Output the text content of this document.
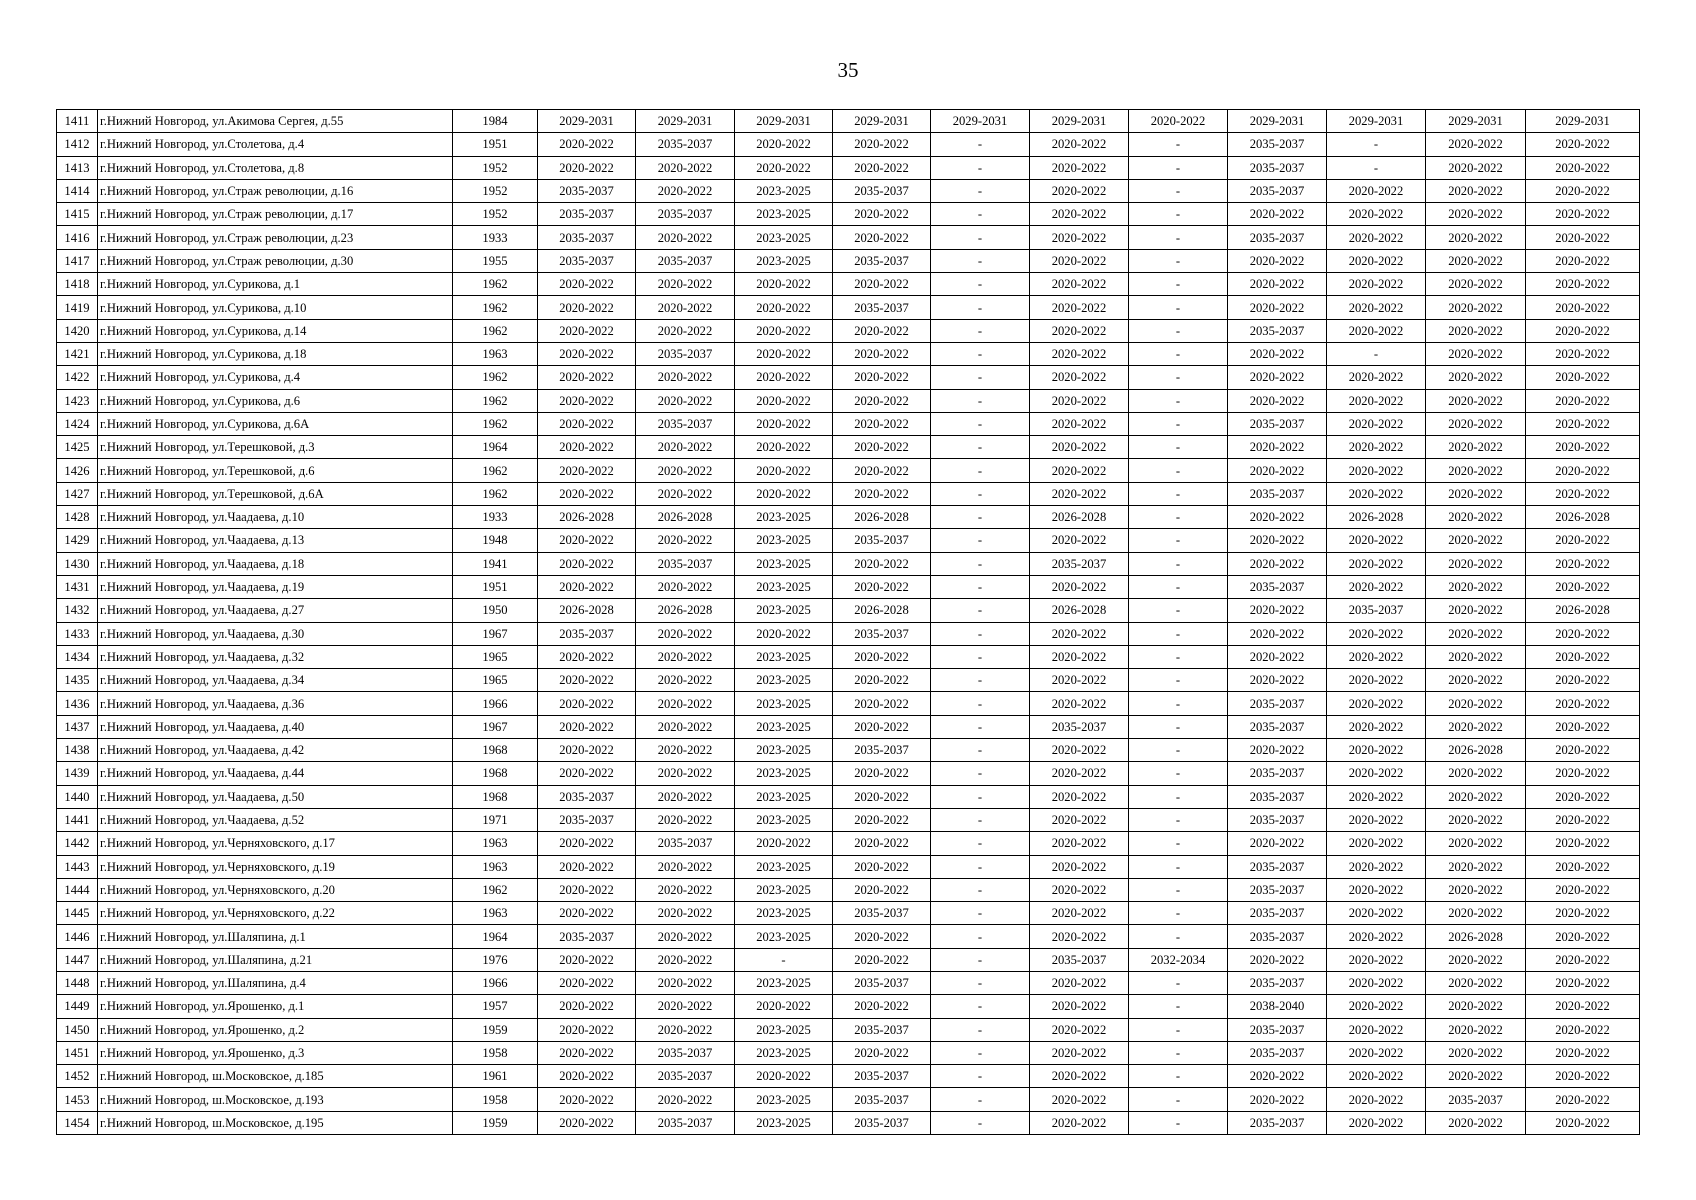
35
1411	г.Нижний Новгород, ул.Акимова Сергея, д.55	1984	2029-2031	2029-2031	2029-2031	2029-2031	2029-2031	2029-2031	2020-2022	2029-2031	2029-2031	2029-2031	2029-2031
1412	г.Нижний Новгород, ул.Столетова, д.4	1951	2020-2022	2035-2037	2020-2022	2020-2022	-	2020-2022	-	2035-2037	-	2020-2022	2020-2022
1413	г.Нижний Новгород, ул.Столетова, д.8	1952	2020-2022	2020-2022	2020-2022	2020-2022	-	2020-2022	-	2035-2037	-	2020-2022	2020-2022
1414	г.Нижний Новгород, ул.Страж революции, д.16	1952	2035-2037	2020-2022	2023-2025	2035-2037	-	2020-2022	-	2035-2037	2020-2022	2020-2022	2020-2022
1415	г.Нижний Новгород, ул.Страж революции, д.17	1952	2035-2037	2035-2037	2023-2025	2020-2022	-	2020-2022	-	2020-2022	2020-2022	2020-2022	2020-2022
1416	г.Нижний Новгород, ул.Страж революции, д.23	1933	2035-2037	2020-2022	2023-2025	2020-2022	-	2020-2022	-	2035-2037	2020-2022	2020-2022	2020-2022
1417	г.Нижний Новгород, ул.Страж революции, д.30	1955	2035-2037	2035-2037	2023-2025	2035-2037	-	2020-2022	-	2020-2022	2020-2022	2020-2022	2020-2022
1418	г.Нижний Новгород, ул.Сурикова, д.1	1962	2020-2022	2020-2022	2020-2022	2020-2022	-	2020-2022	-	2020-2022	2020-2022	2020-2022	2020-2022
1419	г.Нижний Новгород, ул.Сурикова, д.10	1962	2020-2022	2020-2022	2020-2022	2035-2037	-	2020-2022	-	2020-2022	2020-2022	2020-2022	2020-2022
1420	г.Нижний Новгород, ул.Сурикова, д.14	1962	2020-2022	2020-2022	2020-2022	2020-2022	-	2020-2022	-	2035-2037	2020-2022	2020-2022	2020-2022
1421	г.Нижний Новгород, ул.Сурикова, д.18	1963	2020-2022	2035-2037	2020-2022	2020-2022	-	2020-2022	-	2020-2022	-	2020-2022	2020-2022
1422	г.Нижний Новгород, ул.Сурикова, д.4	1962	2020-2022	2020-2022	2020-2022	2020-2022	-	2020-2022	-	2020-2022	2020-2022	2020-2022	2020-2022
1423	г.Нижний Новгород, ул.Сурикова, д.6	1962	2020-2022	2020-2022	2020-2022	2020-2022	-	2020-2022	-	2020-2022	2020-2022	2020-2022	2020-2022
1424	г.Нижний Новгород, ул.Сурикова, д.6А	1962	2020-2022	2035-2037	2020-2022	2020-2022	-	2020-2022	-	2035-2037	2020-2022	2020-2022	2020-2022
1425	г.Нижний Новгород, ул.Терешковой, д.3	1964	2020-2022	2020-2022	2020-2022	2020-2022	-	2020-2022	-	2020-2022	2020-2022	2020-2022	2020-2022
1426	г.Нижний Новгород, ул.Терешковой, д.6	1962	2020-2022	2020-2022	2020-2022	2020-2022	-	2020-2022	-	2020-2022	2020-2022	2020-2022	2020-2022
1427	г.Нижний Новгород, ул.Терешковой, д.6А	1962	2020-2022	2020-2022	2020-2022	2020-2022	-	2020-2022	-	2035-2037	2020-2022	2020-2022	2020-2022
1428	г.Нижний Новгород, ул.Чаадаева, д.10	1933	2026-2028	2026-2028	2023-2025	2026-2028	-	2026-2028	-	2020-2022	2026-2028	2020-2022	2026-2028
1429	г.Нижний Новгород, ул.Чаадаева, д.13	1948	2020-2022	2020-2022	2023-2025	2035-2037	-	2020-2022	-	2020-2022	2020-2022	2020-2022	2020-2022
1430	г.Нижний Новгород, ул.Чаадаева, д.18	1941	2020-2022	2035-2037	2023-2025	2020-2022	-	2035-2037	-	2020-2022	2020-2022	2020-2022	2020-2022
1431	г.Нижний Новгород, ул.Чаадаева, д.19	1951	2020-2022	2020-2022	2023-2025	2020-2022	-	2020-2022	-	2035-2037	2020-2022	2020-2022	2020-2022
1432	г.Нижний Новгород, ул.Чаадаева, д.27	1950	2026-2028	2026-2028	2023-2025	2026-2028	-	2026-2028	-	2020-2022	2035-2037	2020-2022	2026-2028
1433	г.Нижний Новгород, ул.Чаадаева, д.30	1967	2035-2037	2020-2022	2020-2022	2035-2037	-	2020-2022	-	2020-2022	2020-2022	2020-2022	2020-2022
1434	г.Нижний Новгород, ул.Чаадаева, д.32	1965	2020-2022	2020-2022	2023-2025	2020-2022	-	2020-2022	-	2020-2022	2020-2022	2020-2022	2020-2022
1435	г.Нижний Новгород, ул.Чаадаева, д.34	1965	2020-2022	2020-2022	2023-2025	2020-2022	-	2020-2022	-	2020-2022	2020-2022	2020-2022	2020-2022
1436	г.Нижний Новгород, ул.Чаадаева, д.36	1966	2020-2022	2020-2022	2023-2025	2020-2022	-	2020-2022	-	2035-2037	2020-2022	2020-2022	2020-2022
1437	г.Нижний Новгород, ул.Чаадаева, д.40	1967	2020-2022	2020-2022	2023-2025	2020-2022	-	2035-2037	-	2035-2037	2020-2022	2020-2022	2020-2022
1438	г.Нижний Новгород, ул.Чаадаева, д.42	1968	2020-2022	2020-2022	2023-2025	2035-2037	-	2020-2022	-	2020-2022	2020-2022	2026-2028	2020-2022
1439	г.Нижний Новгород, ул.Чаадаева, д.44	1968	2020-2022	2020-2022	2023-2025	2020-2022	-	2020-2022	-	2035-2037	2020-2022	2020-2022	2020-2022
1440	г.Нижний Новгород, ул.Чаадаева, д.50	1968	2035-2037	2020-2022	2023-2025	2020-2022	-	2020-2022	-	2035-2037	2020-2022	2020-2022	2020-2022
1441	г.Нижний Новгород, ул.Чаадаева, д.52	1971	2035-2037	2020-2022	2023-2025	2020-2022	-	2020-2022	-	2035-2037	2020-2022	2020-2022	2020-2022
1442	г.Нижний Новгород, ул.Черняховского, д.17	1963	2020-2022	2035-2037	2020-2022	2020-2022	-	2020-2022	-	2020-2022	2020-2022	2020-2022	2020-2022
1443	г.Нижний Новгород, ул.Черняховского, д.19	1963	2020-2022	2020-2022	2023-2025	2020-2022	-	2020-2022	-	2035-2037	2020-2022	2020-2022	2020-2022
1444	г.Нижний Новгород, ул.Черняховского, д.20	1962	2020-2022	2020-2022	2023-2025	2020-2022	-	2020-2022	-	2035-2037	2020-2022	2020-2022	2020-2022
1445	г.Нижний Новгород, ул.Черняховского, д.22	1963	2020-2022	2020-2022	2023-2025	2035-2037	-	2020-2022	-	2035-2037	2020-2022	2020-2022	2020-2022
1446	г.Нижний Новгород, ул.Шаляпина, д.1	1964	2035-2037	2020-2022	2023-2025	2020-2022	-	2020-2022	-	2035-2037	2020-2022	2026-2028	2020-2022
1447	г.Нижний Новгород, ул.Шаляпина, д.21	1976	2020-2022	2020-2022	-	2020-2022	-	2035-2037	2032-2034	2020-2022	2020-2022	2020-2022	2020-2022
1448	г.Нижний Новгород, ул.Шаляпина, д.4	1966	2020-2022	2020-2022	2023-2025	2035-2037	-	2020-2022	-	2035-2037	2020-2022	2020-2022	2020-2022
1449	г.Нижний Новгород, ул.Ярошенко, д.1	1957	2020-2022	2020-2022	2020-2022	2020-2022	-	2020-2022	-	2038-2040	2020-2022	2020-2022	2020-2022
1450	г.Нижний Новгород, ул.Ярошенко, д.2	1959	2020-2022	2020-2022	2023-2025	2035-2037	-	2020-2022	-	2035-2037	2020-2022	2020-2022	2020-2022
1451	г.Нижний Новгород, ул.Ярошенко, д.3	1958	2020-2022	2035-2037	2023-2025	2020-2022	-	2020-2022	-	2035-2037	2020-2022	2020-2022	2020-2022
1452	г.Нижний Новгород, ш.Московское, д.185	1961	2020-2022	2035-2037	2020-2022	2035-2037	-	2020-2022	-	2020-2022	2020-2022	2020-2022	2020-2022
1453	г.Нижний Новгород, ш.Московское, д.193	1958	2020-2022	2020-2022	2023-2025	2035-2037	-	2020-2022	-	2020-2022	2020-2022	2035-2037	2020-2022
1454	г.Нижний Новгород, ш.Московское, д.195	1959	2020-2022	2035-2037	2023-2025	2035-2037	-	2020-2022	-	2035-2037	2020-2022	2020-2022	2020-2022
